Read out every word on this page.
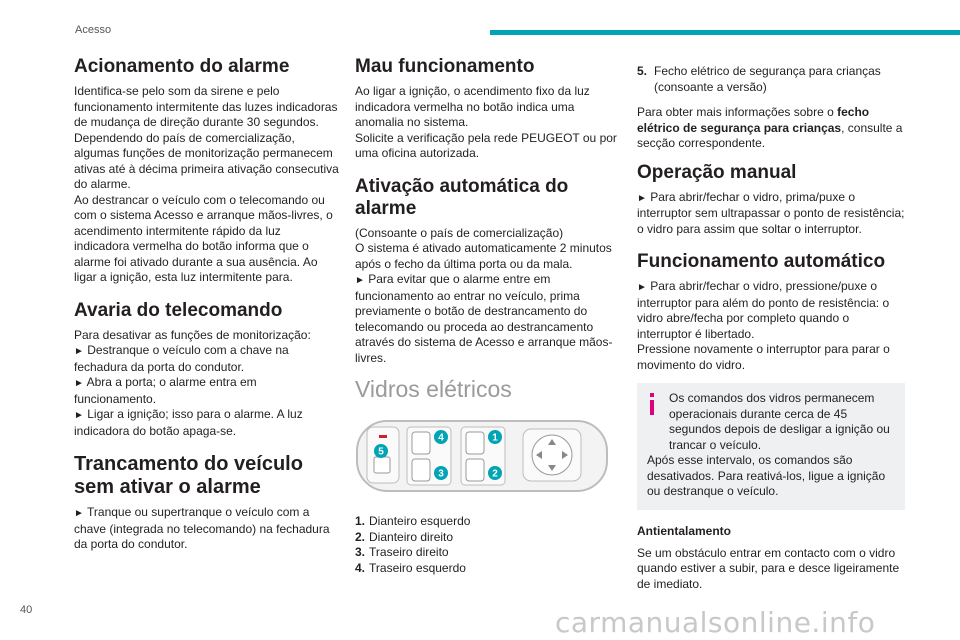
Acesso
Acionamento do alarme

Identifica-se pelo som da sirene e pelo funcionamento intermitente das luzes indicadoras de mudança de direção durante 30 segundos.
Dependendo do país de comercialização, algumas funções de monitorização permanecem ativas até à décima primeira ativação consecutiva do alarme.
Ao destrancar o veículo com o telecomando ou com o sistema Acesso e arranque mãos-livres, o acendimento intermitente rápido da luz indicadora vermelha do botão informa que o alarme foi ativado durante a sua ausência. Ao ligar a ignição, esta luz intermitente para.

Avaria do telecomando

Para desativar as funções de monitorização:
► Destranque o veículo com a chave na fechadura da porta do condutor.
► Abra a porta; o alarme entra em funcionamento.
► Ligar a ignição; isso para o alarme. A luz indicadora do botão apaga-se.

Trancamento do veículo sem ativar o alarme

► Tranque ou supertranque o veículo com a chave (integrada no telecomando) na fechadura da porta do condutor.

Mau funcionamento

Ao ligar a ignição, o acendimento fixo da luz indicadora vermelha no botão indica uma anomalia no sistema.
Solicite a verificação pela rede PEUGEOT ou por uma oficina autorizada.

Ativação automática do alarme

(Consoante o país de comercialização)
O sistema é ativado automaticamente 2 minutos após o fecho da última porta ou da mala.
► Para evitar que o alarme entre em funcionamento ao entrar no veículo, prima previamente o botão de destrancamento do telecomando ou proceda ao destrancamento através do sistema de Acesso e arranque mãos-livres.

Vidros elétricos
5
4
3
1
2
1. Dianteiro esquerdo
2. Dianteiro direito
3. Traseiro direito
4. Traseiro esquerdo
5. Fecho elétrico de segurança para crianças (consoante a versão)

Para obter mais informações sobre o fecho elétrico de segurança para crianças, consulte a secção correspondente.

Operação manual

► Para abrir/fechar o vidro, prima/puxe o interruptor sem ultrapassar o ponto de resistência; o vidro para assim que soltar o interruptor.

Funcionamento automático

► Para abrir/fechar o vidro, pressione/puxe o interruptor para além do ponto de resistência: o vidro abre/fecha por completo quando o interruptor é libertado.
Pressione novamente o interruptor para parar o movimento do vidro.

Os comandos dos vidros permanecem operacionais durante cerca de 45 segundos depois de desligar a ignição ou trancar o veículo.
Após esse intervalo, os comandos são desativados. Para reativá-los, ligue a ignição ou destranque o veículo.
Antientalamento

Se um obstáculo entrar em contacto com o vidro quando estiver a subir, para e desce ligeiramente de imediato.

40	carmanualsonline.info
